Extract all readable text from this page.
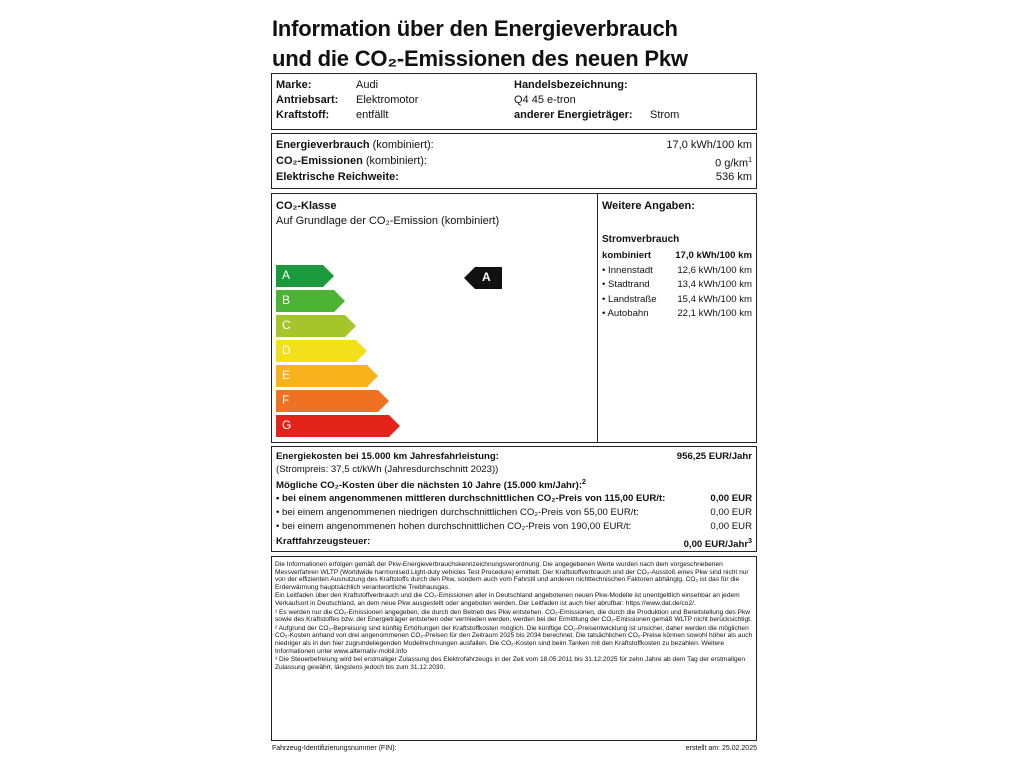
Information über den Energieverbrauch
und die CO₂-Emissionen des neuen Pkw
Marke:	Audi
Antriebsart: Elektromotor
Kraftstoff: entfällt
Handelsbezeichnung:
Q4 45 e-tron
anderer Energieträger: Strom
Energieverbrauch (kombiniert):	17,0 kWh/100 km
CO₂-Emissionen (kombiniert):	0 $g/km^1$
Elektrische Reichweite:	536 km
CO₂-Klasse
Auf Grundlage der CO₂-Emission (kombiniert)
A
B
C
D
E
F
G
A
Weitere Angaben:
Stromverbrauch
kombiniert	17,0 kWh/100 km
• Innenstadt	12,6 kWh/100 km
• Stadtrand	13,4 kWh/100 km
• Landstraße 15,4 kWh/100 km
• Autobahn	22,1 kWh/100 km
Energiekosten bei 15.000 km Jahresfahrleistung:	956,25 EUR/Jahr
(Strompreis: 37,5 ct/kWh (Jahresdurchschnitt 2023))
Mögliche CO₂-Kosten über die nächsten 10 Jahre (15.000 km/Jahr):$^2$
• bei einem angenommenen mittleren durchschnittlichen CO₂-Preis von 115,00 EUR/t:	0,00 EUR
• bei einem angenommenen niedrigen durchschnittlichen CO₂-Preis von 55,00 EUR/t:	0,00 EUR
• bei einem angenommenen hohen durchschnittlichen CO₂-Preis von 190,00 EUR/t:	0,00 EUR
Kraftfahrzeugsteuer:	0,00 EUR/Jahr$^3$

Die Informationen erfolgen gemäß der Pkw-Energieverbrauchskennzeichnungsverordnung. Die angegebenen Werte wurden nach dem vorgeschriebenen Messverfahren WLTP (Worldwide harmonised Light-duty vehicles Test Procedure) ermittelt. Der Kraftstoffverbrauch und der CO₂-Ausstoß eines Pkw sind nicht nur von der effizienten Ausnutzung des Kraftstoffs durch den Pkw, sondern auch vom Fahrstil und anderen nichttechnischen Faktoren abhängig. CO₂ ist das für die Erderwärmung hauptsächlich verantwortliche Treibhausgas.

Ein Leitfaden über den Kraftstoffverbrauch und die CO₂-Emissionen aller in Deutschland angebotenen neuen Pkw-Modelle ist unentgeltlich einsehbar an jedem Verkaufsort in Deutschland, an dem neue Pkw ausgestellt oder angeboten werden. Der Leitfaden ist auch hier abrufbar: https://www.dat.de/co2/.

¹ Es werden nur die CO₂-Emissionen angegeben, die durch den Betrieb des Pkw entstehen. CO₂-Emissionen, die durch die Produktion und Bereitstellung des Pkw sowie des Kraftstoffes bzw. der Energieträger entstehen oder vermieden werden, werden bei der Ermittlung der CO₂-Emissionen gemäß WLTP nicht berücksichtigt.

² Aufgrund der CO₂-Bepreisung sind künftig Erhöhungen der Kraftstoffkosten möglich. Die künftige CO₂-Preisentwicklung ist unsicher, daher werden die möglichen CO₂-Kosten anhand von drei angenommenen CO₂-Preisen für den Zeitraum 2025 bis 2034 berechnet. Die tatsächlichen CO₂-Preise können sowohl höher als auch niedriger als in den hier zugrundeliegenden Modellrechnungen ausfallen. Die CO₂-Kosten sind beim Tanken mit den Kraftstoffkosten zu bezahlen. Weitere Informationen unter www.alternativ-mobil.info

³ Die Steuerbefreiung wird bei erstmaliger Zulassung des Elektrofahrzeugs in der Zeit vom 18.05.2011 bis 31.12.2025 für zehn Jahre ab dem Tag der erstmaligen Zulassung gewährt, längstens jedoch bis zum 31.12.2030.

Fahrzeug-Identifizierungsnummer (FIN):	erstellt am: 25.02.2025
